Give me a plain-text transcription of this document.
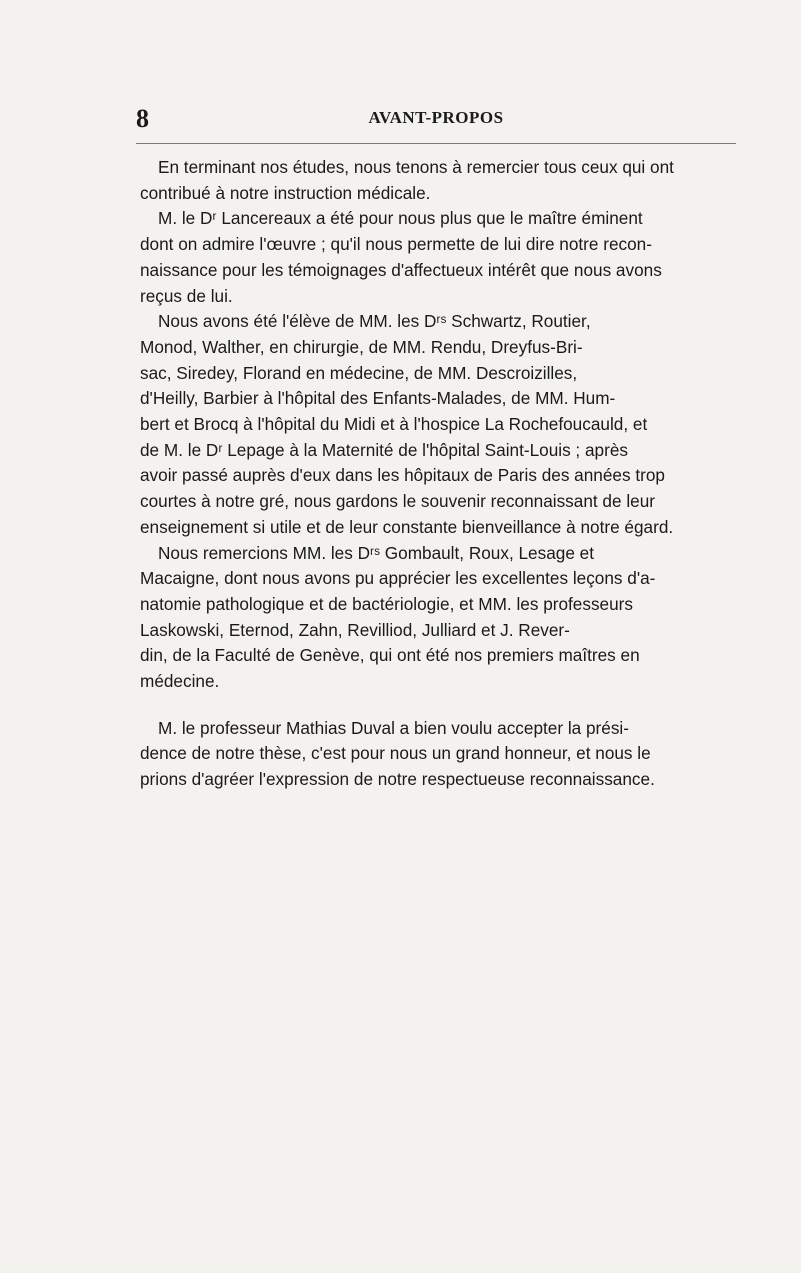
8	AVANT-PROPOS
En terminant nos études, nous tenons à remercier tous ceux qui ont
contribué à notre instruction médicale.
M. le Dʳ Lancereaux a été pour nous plus que le maître éminent
dont on admire l'œuvre ; qu'il nous permette de lui dire notre recon-
naissance pour les témoignages d'affectueux intérêt que nous avons
reçus de lui.
Nous avons été l'élève de MM. les Dʳˢ Schwartz, Routier,
Monod, Walther, en chirurgie, de MM. Rendu, Dreyfus-Bri-
sac, Siredey, Florand en médecine, de MM. Descroizilles,
d'Heilly, Barbier à l'hôpital des Enfants-Malades, de MM. Hum-
bert et Brocq à l'hôpital du Midi et à l'hospice La Rochefoucauld, et
de M. le Dʳ Lepage à la Maternité de l'hôpital Saint-Louis ; après
avoir passé auprès d'eux dans les hôpitaux de Paris des années trop
courtes à notre gré, nous gardons le souvenir reconnaissant de leur
enseignement si utile et de leur constante bienveillance à notre égard.
Nous remercions MM. les Dʳˢ Gombault, Roux, Lesage et
Macaigne, dont nous avons pu apprécier les excellentes leçons d'a-
natomie pathologique et de bactériologie, et MM. les professeurs
Laskowski, Eternod, Zahn, Revilliod, Julliard et J. Rever-
din, de la Faculté de Genève, qui ont été nos premiers maîtres en
médecine.
M. le professeur Mathias Duval a bien voulu accepter la prési-
dence de notre thèse, c'est pour nous un grand honneur, et nous le
prions d'agréer l'expression de notre respectueuse reconnaissance.
